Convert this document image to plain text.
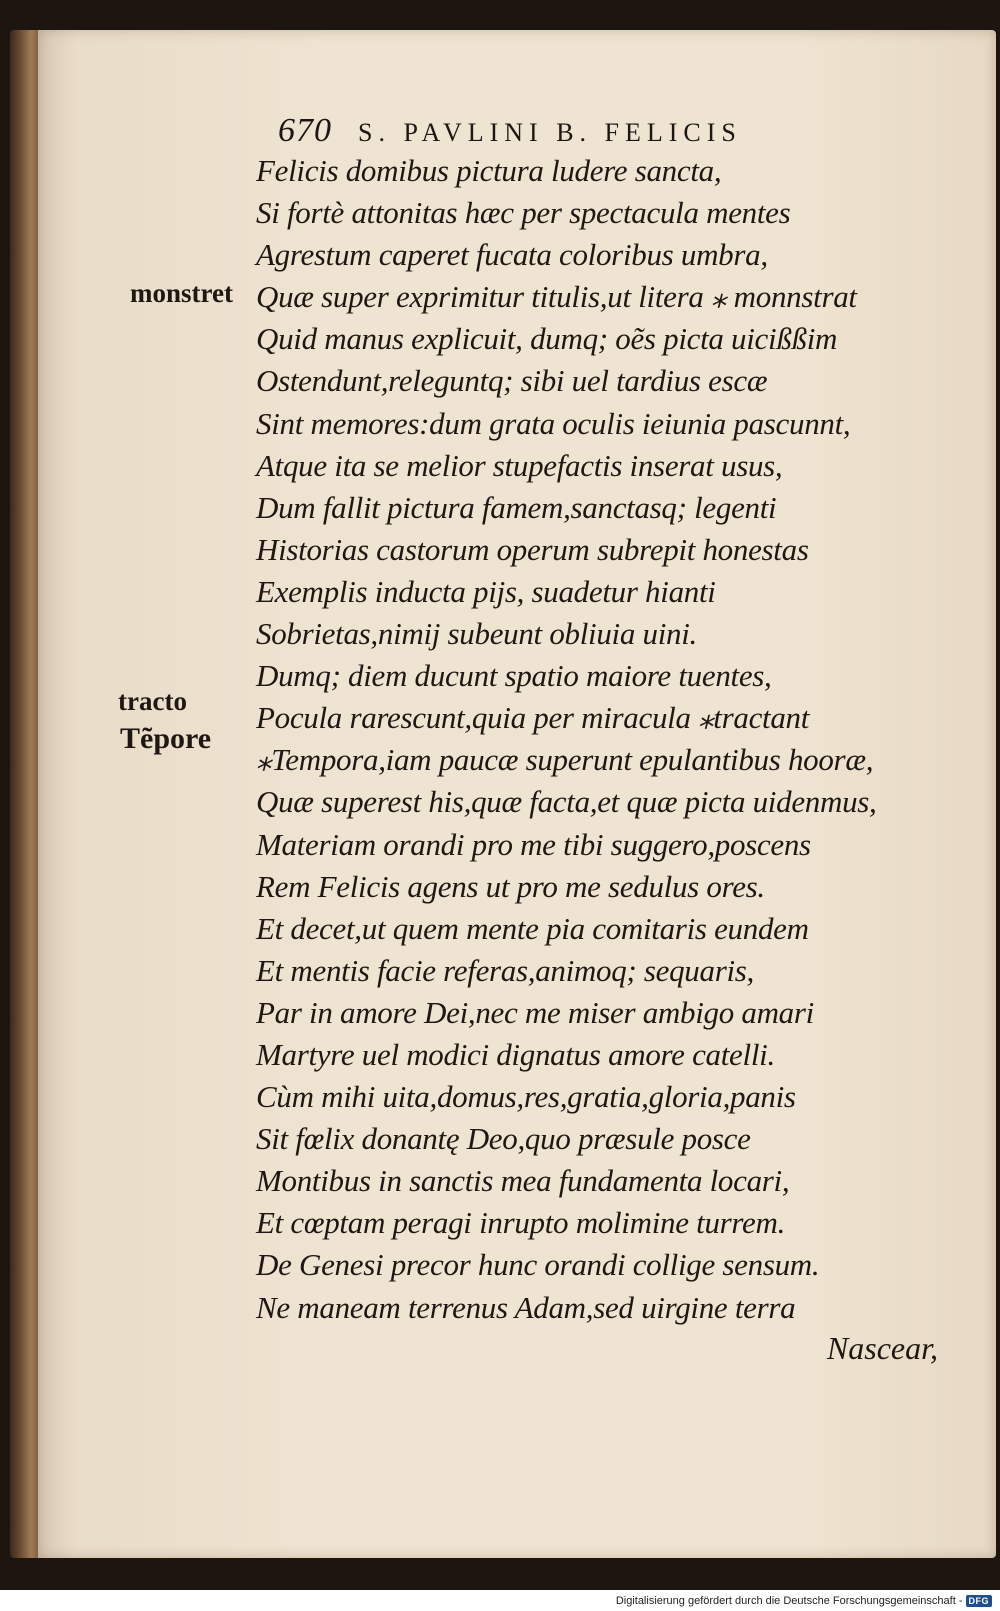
670 S. PAVLINI B. FELICIS
Felicis domibus pictura ludere sancta,
Si fortè attonitas hæc per spectacula mentes
Agrestum caperet fucata coloribus umbra,
Quæ super exprimitur titulis,ut litera ⁎ monnstrat
Quid manus explicuit, dumq; oẽs picta uicißßim
Ostendunt,releguntq; sibi uel tardius escæ
Sint memores:dum grata oculis ieiunia pascunnt,
Atque ita se melior stupefactis inserat usus,
Dum fallit pictura famem,sanctasq; legenti
Historias castorum operum subrepit honestas
Exemplis inducta pijs, suadetur hianti
Sobrietas,nimij subeunt obliuia uini.
Dumq; diem ducunt spatio maiore tuentes,
Pocula rarescunt,quia per miracula ⁎tractant
⁎Tempora,iam paucæ superunt epulantibus hooræ,
Quæ superest his,quæ facta,et quæ picta uidenmus,
Materiam orandi pro me tibi suggero,poscens
Rem Felicis agens ut pro me sedulus ores.
Et decet,ut quem mente pia comitaris eundem
Et mentis facie referas,animoq; sequaris,
Par in amore Dei,nec me miser ambigo amari
Martyre uel modici dignatus amore catelli.
Cùm mihi uita,domus,res,gratia,gloria,panis
Sit fœlix donantę Deo,quo præsule posce
Montibus in sanctis mea fundamenta locari,
Et cœptam peragi inrupto molimine turrem.
De Genesi precor hunc orandi collige sensum.
Ne maneam terrenus Adam,sed uirgine terra
Nascear,
monstret
tracto
Tẽpore
Digitalisierung gefördert durch die Deutsche Forschungsgemeinschaft - DFG
